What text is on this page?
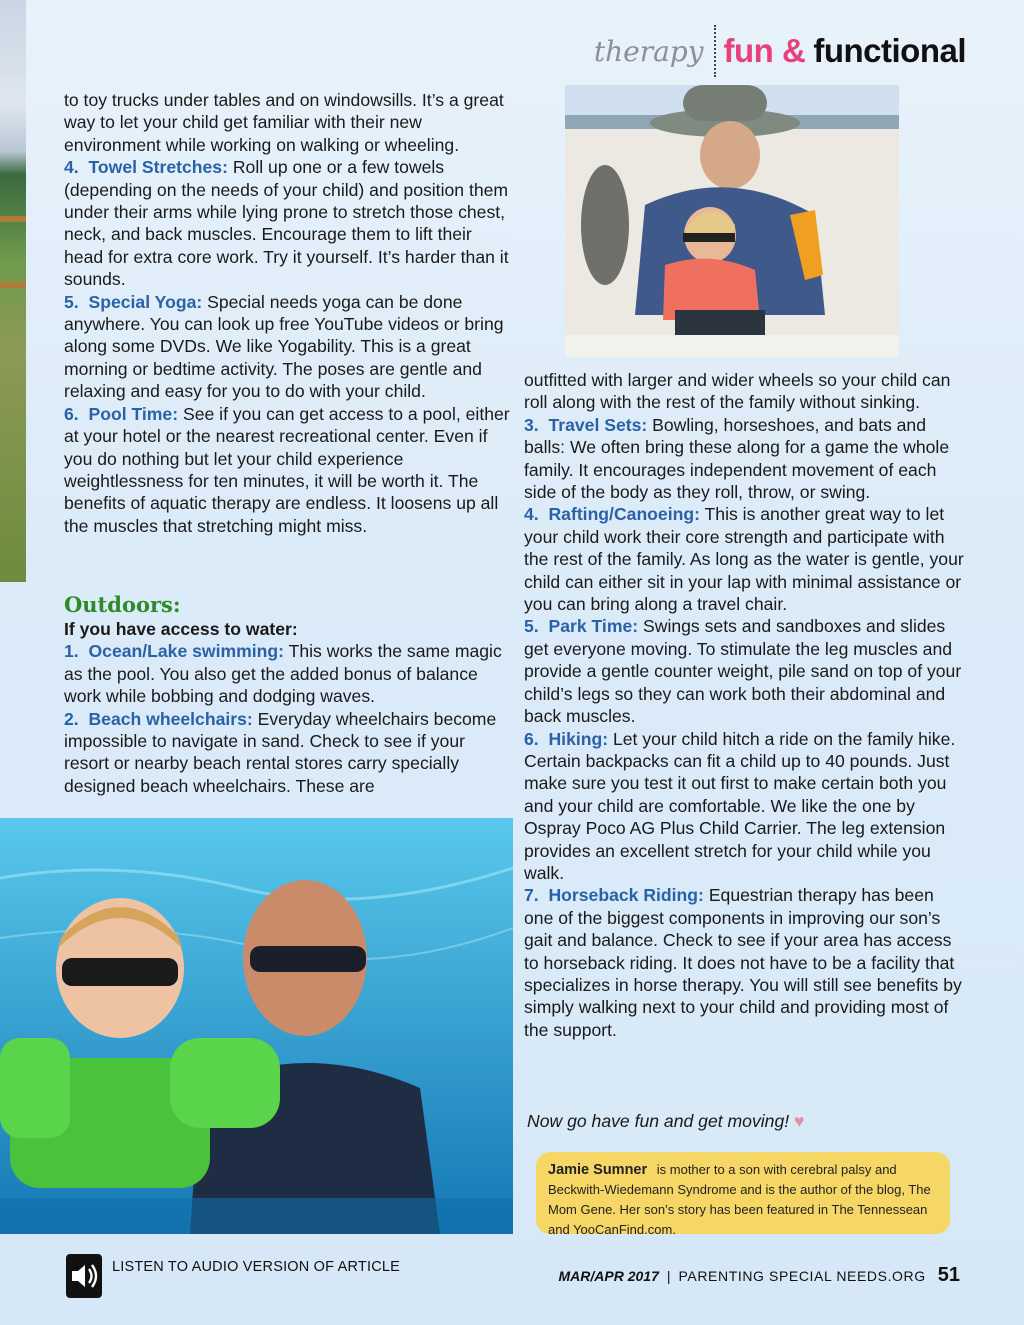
therapy fun & functional

to toy trucks under tables and on windowsills. It’s a great way to let your child get familiar with their new environment while working on walking or wheeling.

4. Towel Stretches: Roll up one or a few towels (depending on the needs of your child) and position them under their arms while lying prone to stretch those chest, neck, and back muscles. Encourage them to lift their head for extra core work. Try it yourself. It’s harder than it sounds.

5. Special Yoga: Special needs yoga can be done anywhere. You can look up free YouTube videos or bring along some DVDs. We like Yogability. This is a great morning or bedtime activity. The poses are gentle and relaxing and easy for you to do with your child.

6. Pool Time: See if you can get access to a pool, either at your hotel or the nearest recreational center. Even if you do nothing but let your child experience weightlessness for ten minutes, it will be worth it. The benefits of aquatic therapy are endless. It loosens up all the muscles that stretching might miss.

Outdoors:

If you have access to water:

1. Ocean/Lake swimming: This works the same magic as the pool. You also get the added bonus of balance work while bobbing and dodging waves.

2. Beach wheelchairs: Everyday wheelchairs become impossible to navigate in sand. Check to see if your resort or nearby beach rental stores carry specially designed beach wheelchairs. These are

outfitted with larger and wider wheels so your child can roll along with the rest of the family without sinking.

3. Travel Sets: Bowling, horseshoes, and bats and balls: We often bring these along for a game the whole family. It encourages independent movement of each side of the body as they roll, throw, or swing.

4. Rafting/Canoeing: This is another great way to let your child work their core strength and participate with the rest of the family. As long as the water is gentle, your child can either sit in your lap with minimal assistance or you can bring along a travel chair.

5. Park Time: Swings sets and sandboxes and slides get everyone moving. To stimulate the leg muscles and provide a gentle counter weight, pile sand on top of your child’s legs so they can work both their abdominal and back muscles.

6. Hiking: Let your child hitch a ride on the family hike. Certain backpacks can fit a child up to 40 pounds. Just make sure you test it out first to make certain both you and your child are comfortable. We like the one by Ospray Poco AG Plus Child Carrier. The leg extension provides an excellent stretch for your child while you walk.

7. Horseback Riding: Equestrian therapy has been one of the biggest components in improving our son’s gait and balance. Check to see if your area has access to horseback riding. It does not have to be a facility that specializes in horse therapy. You will still see benefits by simply walking next to your child and providing most of the support.

Now go have fun and get moving! ♥

Jamie Sumner is mother to a son with cerebral palsy and Beckwith-Wiedemann Syndrome and is the author of the blog, The Mom Gene. Her son’s story has been featured in The Tennessean and YooCanFind.com.
LISTEN TO AUDIO VERSION OF ARTICLE
MAR/APR 2017 | PARENTING SPECIAL NEEDS.ORG 51
